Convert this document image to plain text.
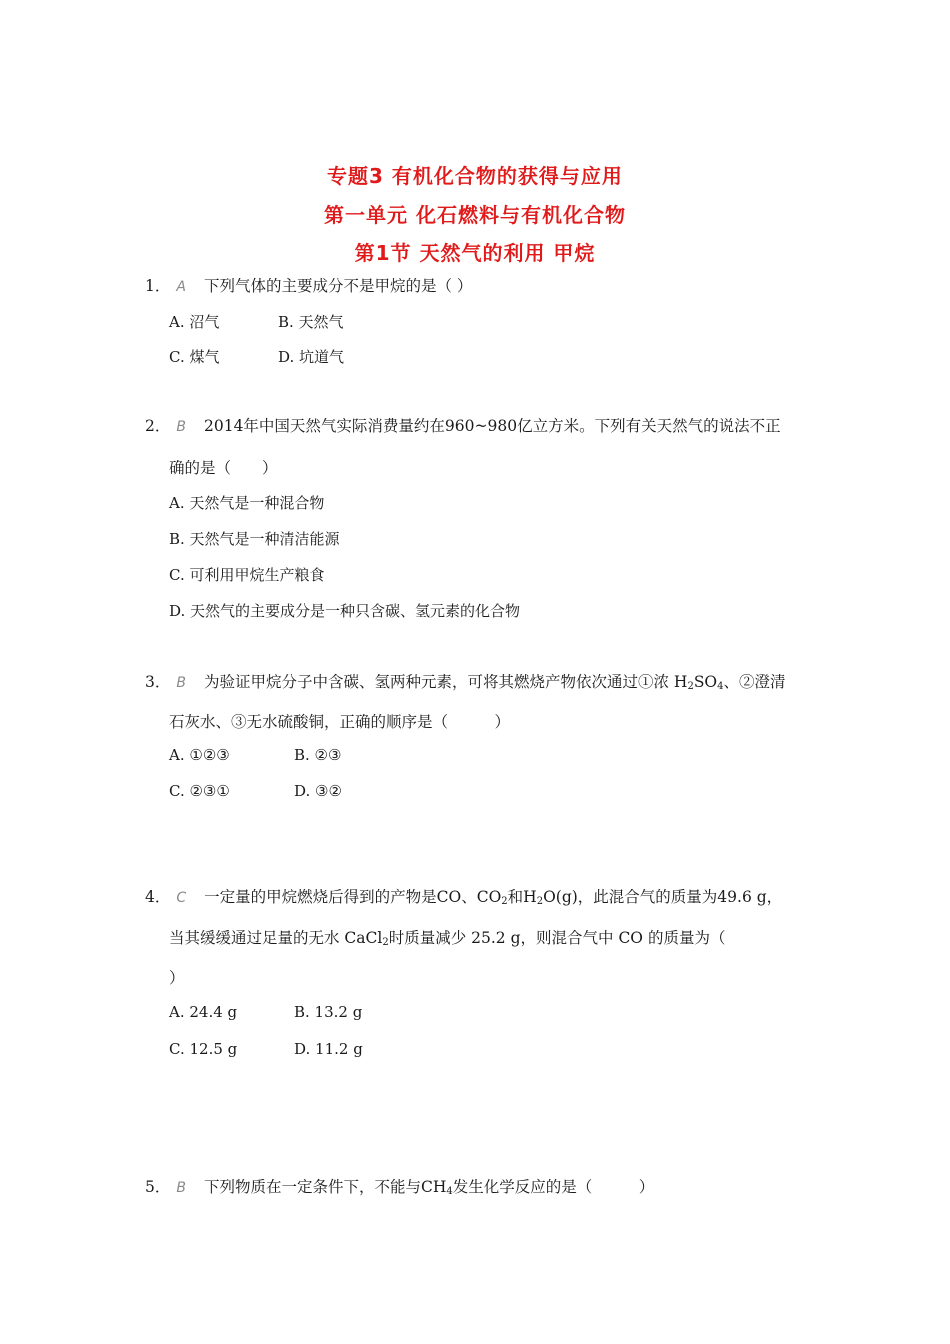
专题3 有机化合物的获得与应用
第一单元 化石燃料与有机化合物
第1节 天然气的利用 甲烷
1． A 下列气体的主要成分不是甲烷的是（ ）
A. 沼气	B. 天然气
C. 煤气	D. 坑道气
2． B 2014年中国天然气实际消费量约在960~980亿立方米。下列有关天然气的说法不正
确的是（　　）
A. 天然气是一种混合物
B. 天然气是一种清洁能源
C. 可利用甲烷生产粮食
D. 天然气的主要成分是一种只含碳、氢元素的化合物
3． B 为验证甲烷分子中含碳、氢两种元素，可将其燃烧产物依次通过①浓 $H_2SO_4$、②澄清
石灰水、③无水硫酸铜，正确的顺序是（　　　）
A. ①②③	B. ②③
C. ②③①	D. ③②
4． C 一定量的甲烷燃烧后得到的产物是CO、$CO_2$和$H_2O(g)$，此混合气的质量为49.6 g，
当其缓缓通过足量的无水 CaCl$_2$时质量减少 25.2 g，则混合气中 CO 的质量为（
）
A. 24.4 g	B. 13.2 g
C. 12.5 g	D. 11.2 g
5． B 下列物质在一定条件下，不能与$CH_4$发生化学反应的是（　　　）
